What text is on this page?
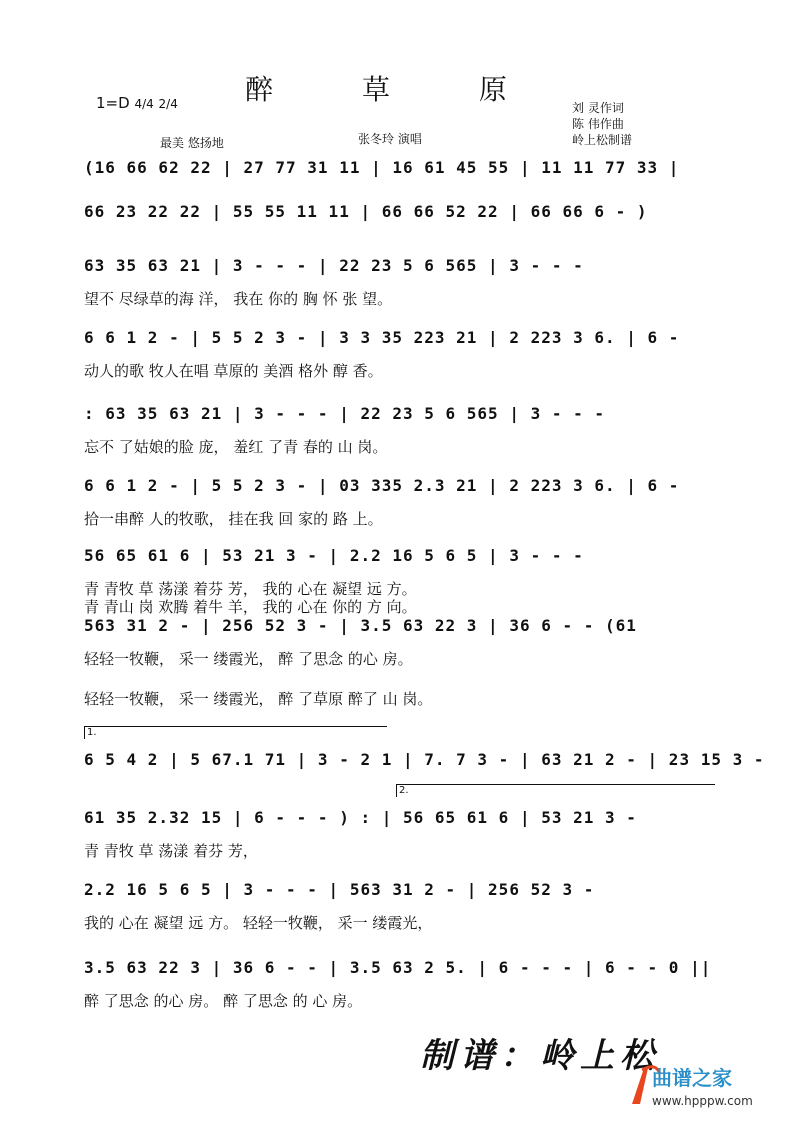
醉 草 原
1=D 4/4 2/4
最美 悠扬地	张冬玲 演唱
刘 灵作词
陈 伟作曲
岭上松制谱
(16 66 62 22 | 27 77 31 11 | 16 61 45 55 | 11 11 77 33 |
66 23 22 22 | 55 55 11 11 | 66 66 52 22 | 66 66 6 - )
63 35 63 21 | 3 - - - | 22 23 5 6 565 | 3 - - -
望不 尽绿草的海 洋， 我在 你的 胸 怀 张 望。
6 6 1 2 - | 5 5 2 3 - | 3 3 35 223 21 | 2 223 3 6. | 6 -
动人的歌 牧人在唱 草原的 美酒 格外 醇 香。
: 63 35 63 21 | 3 - - - | 22 23 5 6 565 | 3 - - -
忘不 了姑娘的脸 庞， 羞红 了青 春的 山 岗。
6 6 1 2 - | 5 5 2 3 - | 03 335 2.3 21 | 2 223 3 6. | 6 -
拾一串醉 人的牧歌， 挂在我 回 家的 路 上。
56 65 61 6 | 53 21 3 - | 2.2 16 5 6 5 | 3 - - -
青 青牧 草 荡漾 着芬 芳， 我的 心在 凝望 远 方。
青 青山 岗 欢腾 着牛 羊， 我的 心在 你的 方 向。
563 31 2 - | 256 52 3 - | 3.5 63 22 3 | 36 6 - - (61
轻轻一牧鞭， 采一 缕霞光， 醉 了思念 的心 房。
轻轻一牧鞭， 采一 缕霞光， 醉 了草原 醉了 山 岗。
6 5 4 2 | 5 67.1 71 | 3 - 2 1 | 7. 7 3 - | 63 21 2 - | 23 15 3 -
61 35 2.32 15 | 6 - - - ) : | 56 65 61 6 | 53 21 3 -
青 青牧 草 荡漾 着芬 芳，
2.2 16 5 6 5 | 3 - - - | 563 31 2 - | 256 52 3 -
我的 心在 凝望 远 方。 轻轻一牧鞭， 采一 缕霞光，
3.5 63 22 3 | 36 6 - - | 3.5 63 2 5. | 6 - - - | 6 - - 0 ||
醉 了思念 的心 房。 醉 了思念 的 心 房。
1.
2.
制谱：岭上松
曲谱之家
www.hpppw.com
